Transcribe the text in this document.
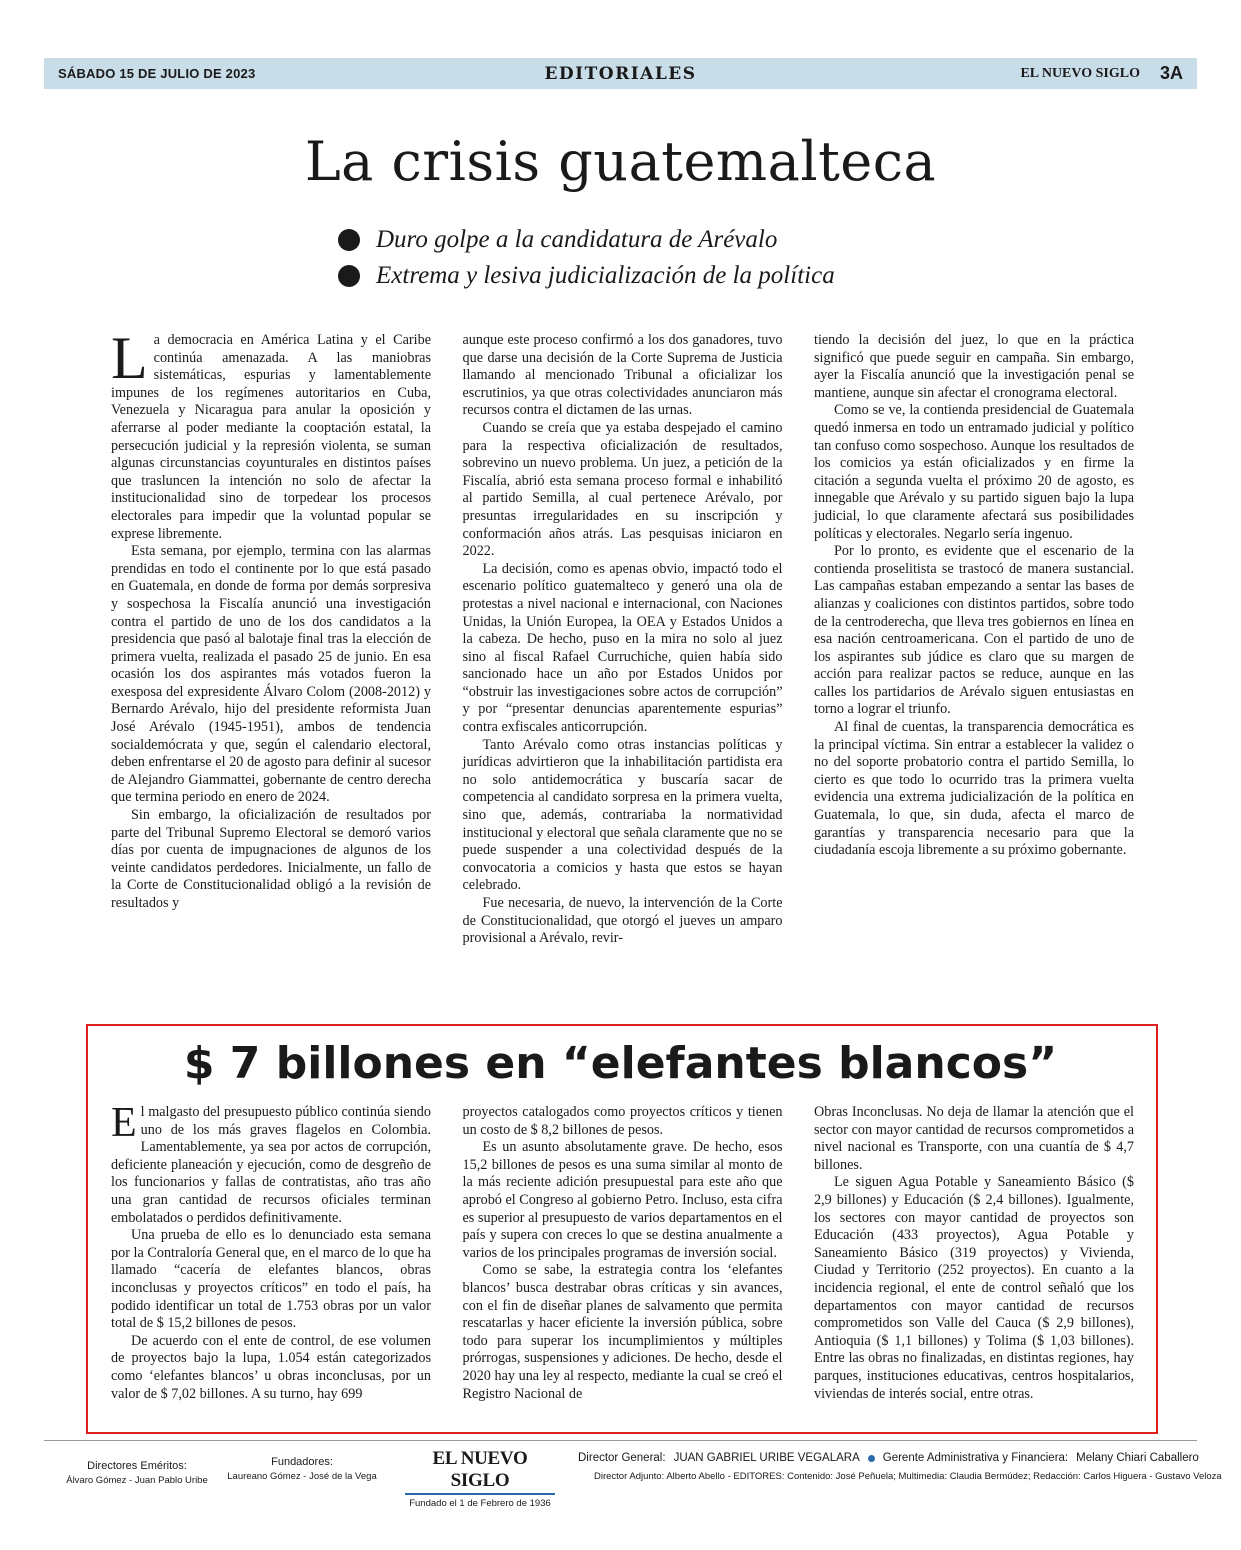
SÁBADO 15 DE JULIO DE 2023	EDITORIALES	EL NUEVO SIGLO 3A
La crisis guatemalteca
Duro golpe a la candidatura de Arévalo
Extrema y lesiva judicialización de la política

La democracia en América Latina y el Caribe continúa amenazada. A las maniobras sistemáticas, espurias y lamentablemente impunes de los regímenes autoritarios en Cuba, Venezuela y Nicaragua para anular la oposición y aferrarse al poder mediante la cooptación estatal, la persecución judicial y la represión violenta, se suman algunas circunstancias coyunturales en distintos países que trasluncen la intención no solo de afectar la institucionalidad sino de torpedear los procesos electorales para impedir que la voluntad popular se exprese libremente.

Esta semana, por ejemplo, termina con las alarmas prendidas en todo el continente por lo que está pasado en Guatemala, en donde de forma por demás sorpresiva y sospechosa la Fiscalía anunció una investigación contra el partido de uno de los dos candidatos a la presidencia que pasó al balotaje final tras la elección de primera vuelta, realizada el pasado 25 de junio. En esa ocasión los dos aspirantes más votados fueron la exesposa del expresidente Álvaro Colom (2008-2012) y Bernardo Arévalo, hijo del presidente reformista Juan José Arévalo (1945-1951), ambos de tendencia socialdemócrata y que, según el calendario electoral, deben enfrentarse el 20 de agosto para definir al sucesor de Alejandro Giammattei, gobernante de centro derecha que termina periodo en enero de 2024.

Sin embargo, la oficialización de resultados por parte del Tribunal Supremo Electoral se demoró varios días por cuenta de impugnaciones de algunos de los veinte candidatos perdedores. Inicialmente, un fallo de la Corte de Constitucionalidad obligó a la revisión de resultados y

aunque este proceso confirmó a los dos ganadores, tuvo que darse una decisión de la Corte Suprema de Justicia llamando al mencionado Tribunal a oficializar los escrutinios, ya que otras colectividades anunciaron más recursos contra el dictamen de las urnas.

Cuando se creía que ya estaba despejado el camino para la respectiva oficialización de resultados, sobrevino un nuevo problema. Un juez, a petición de la Fiscalía, abrió esta semana proceso formal e inhabilitó al partido Semilla, al cual pertenece Arévalo, por presuntas irregularidades en su inscripción y conformación años atrás. Las pesquisas iniciaron en 2022.

La decisión, como es apenas obvio, impactó todo el escenario político guatemalteco y generó una ola de protestas a nivel nacional e internacional, con Naciones Unidas, la Unión Europea, la OEA y Estados Unidos a la cabeza. De hecho, puso en la mira no solo al juez sino al fiscal Rafael Curruchiche, quien había sido sancionado hace un año por Estados Unidos por “obstruir las investigaciones sobre actos de corrupción” y por “presentar denuncias aparentemente espurias” contra exfiscales anticorrupción.

Tanto Arévalo como otras instancias políticas y jurídicas advirtieron que la inhabilitación partidista era no solo antidemocrática y buscaría sacar de competencia al candidato sorpresa en la primera vuelta, sino que, además, contrariaba la normatividad institucional y electoral que señala claramente que no se puede suspender a una colectividad después de la convocatoria a comicios y hasta que estos se hayan celebrado.

Fue necesaria, de nuevo, la intervención de la Corte de Constitucionalidad, que otorgó el jueves un amparo provisional a Arévalo, revir-

tiendo la decisión del juez, lo que en la práctica significó que puede seguir en campaña. Sin embargo, ayer la Fiscalía anunció que la investigación penal se mantiene, aunque sin afectar el cronograma electoral.

Como se ve, la contienda presidencial de Guatemala quedó inmersa en todo un entramado judicial y político tan confuso como sospechoso. Aunque los resultados de los comicios ya están oficializados y en firme la citación a segunda vuelta el próximo 20 de agosto, es innegable que Arévalo y su partido siguen bajo la lupa judicial, lo que claramente afectará sus posibilidades políticas y electorales. Negarlo sería ingenuo.

Por lo pronto, es evidente que el escenario de la contienda proselitista se trastocó de manera sustancial. Las campañas estaban empezando a sentar las bases de alianzas y coaliciones con distintos partidos, sobre todo de la centroderecha, que lleva tres gobiernos en línea en esa nación centroamericana. Con el partido de uno de los aspirantes sub júdice es claro que su margen de acción para realizar pactos se reduce, aunque en las calles los partidarios de Arévalo siguen entusiastas en torno a lograr el triunfo.

Al final de cuentas, la transparencia democrática es la principal víctima. Sin entrar a establecer la validez o no del soporte probatorio contra el partido Semilla, lo cierto es que todo lo ocurrido tras la primera vuelta evidencia una extrema judicialización de la política en Guatemala, lo que, sin duda, afecta el marco de garantías y transparencia necesario para que la ciudadanía escoja libremente a su próximo gobernante.

$ 7 billones en “elefantes blancos”

El malgasto del presupuesto público continúa siendo uno de los más graves flagelos en Colombia. Lamentablemente, ya sea por actos de corrupción, deficiente planeación y ejecución, como de desgreño de los funcionarios y fallas de contratistas, año tras año una gran cantidad de recursos oficiales terminan embolatados o perdidos definitivamente.

Una prueba de ello es lo denunciado esta semana por la Contraloría General que, en el marco de lo que ha llamado “cacería de elefantes blancos, obras inconclusas y proyectos críticos” en todo el país, ha podido identificar un total de 1.753 obras por un valor total de $ 15,2 billones de pesos.

De acuerdo con el ente de control, de ese volumen de proyectos bajo la lupa, 1.054 están categorizados como ‘elefantes blancos’ u obras inconclusas, por un valor de $ 7,02 billones. A su turno, hay 699

proyectos catalogados como proyectos críticos y tienen un costo de $ 8,2 billones de pesos.

Es un asunto absolutamente grave. De hecho, esos 15,2 billones de pesos es una suma similar al monto de la más reciente adición presupuestal para este año que aprobó el Congreso al gobierno Petro. Incluso, esta cifra es superior al presupuesto de varios departamentos en el país y supera con creces lo que se destina anualmente a varios de los principales programas de inversión social.

Como se sabe, la estrategia contra los ‘elefantes blancos’ busca destrabar obras críticas y sin avances, con el fin de diseñar planes de salvamento que permita rescatarlas y hacer eficiente la inversión pública, sobre todo para superar los incumplimientos y múltiples prórrogas, suspensiones y adiciones. De hecho, desde el 2020 hay una ley al respecto, mediante la cual se creó el Registro Nacional de

Obras Inconclusas. No deja de llamar la atención que el sector con mayor cantidad de recursos comprometidos a nivel nacional es Transporte, con una cuantía de $ 4,7 billones.

Le siguen Agua Potable y Saneamiento Básico ($ 2,9 billones) y Educación ($ 2,4 billones). Igualmente, los sectores con mayor cantidad de proyectos son Educación (433 proyectos), Agua Potable y Saneamiento Básico (319 proyectos) y Vivienda, Ciudad y Territorio (252 proyectos). En cuanto a la incidencia regional, el ente de control señaló que los departamentos con mayor cantidad de recursos comprometidos son Valle del Cauca ($ 2,9 billones), Antioquia ($ 1,1 billones) y Tolima ($ 1,03 billones). Entre las obras no finalizadas, en distintas regiones, hay parques, instituciones educativas, centros hospitalarios, viviendas de interés social, entre otras.

Directores Eméritos:
Álvaro Gómez - Juan Pablo Uribe
Fundadores:
Laureano Gómez - José de la Vega
EL NUEVO SIGLO
Fundado el 1 de Febrero de 1936
Director General: JUAN GABRIEL URIBE VEGALARA Gerente Administrativa y Financiera: Melany Chiari Caballero
Director Adjunto: Alberto Abello - EDITORES: Contenido: José Peñuela; Multimedia: Claudia Bermúdez; Redacción: Carlos Higuera - Gustavo Veloza
